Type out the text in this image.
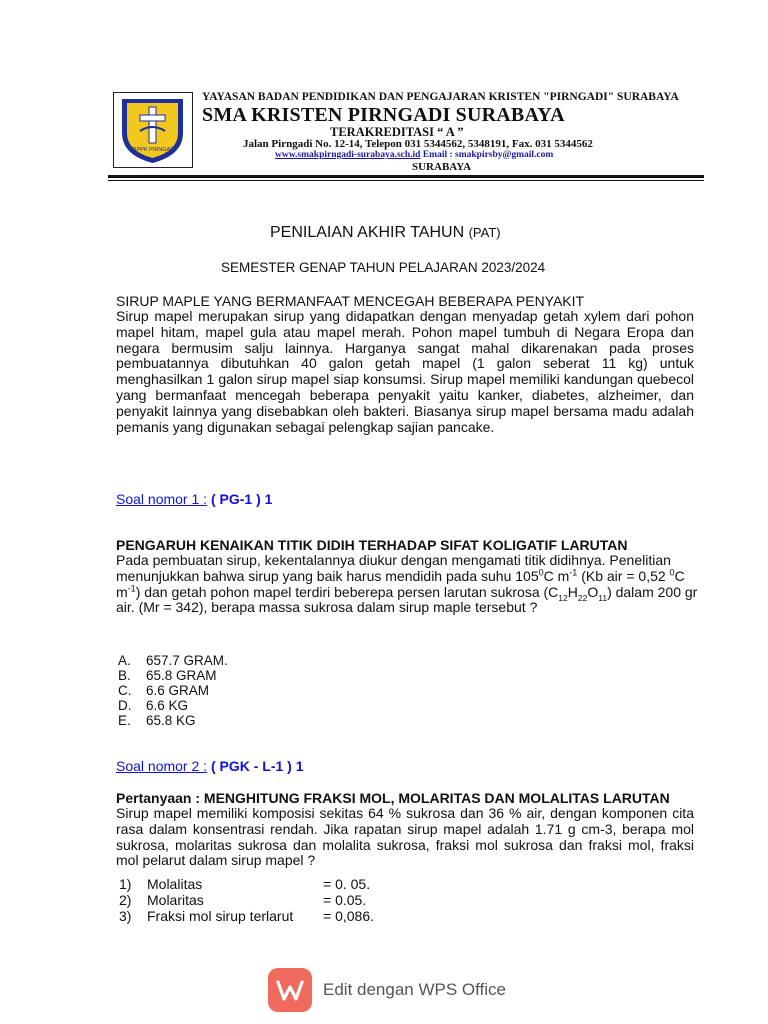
YBPPK PIRNGADI
YAYASAN BADAN PENDIDIKAN DAN PENGAJARAN KRISTEN "PIRNGADI" SURABAYA
SMA KRISTEN PIRNGADI SURABAYA
TERAKREDITASI “ A ”
Jalan Pirngadi No. 12-14, Telepon 031 5344562, 5348191, Fax. 031 5344562
www.smakpirngadi-surabaya.sch.id Email : smakpirsby@gmail.com
SURABAYA
PENILAIAN AKHIR TAHUN (PAT)
SEMESTER GENAP TAHUN PELAJARAN 2023/2024
SIRUP MAPLE YANG BERMANFAAT MENCEGAH BEBERAPA PENYAKIT
Sirup mapel merupakan sirup yang didapatkan dengan menyadap getah xylem dari pohon mapel hitam, mapel gula atau mapel merah. Pohon mapel tumbuh di Negara Eropa dan negara bermusim salju lainnya. Harganya sangat mahal dikarenakan pada proses pembuatannya dibutuhkan 40 galon getah mapel (1 galon seberat 11 kg) untuk menghasilkan 1 galon sirup mapel siap konsumsi. Sirup mapel memiliki kandungan quebecol yang bermanfaat mencegah beberapa penyakit yaitu kanker, diabetes, alzheimer, dan penyakit lainnya yang disebabkan oleh bakteri. Biasanya sirup mapel bersama madu adalah pemanis yang digunakan sebagai pelengkap sajian pancake.
Soal nomor 1 : ( PG-1 ) 1
PENGARUH KENAIKAN TITIK DIDIH TERHADAP SIFAT KOLIGATIF LARUTAN
Pada pembuatan sirup, kekentalannya diukur dengan mengamati titik didihnya. Penelitian menunjukkan bahwa sirup yang baik harus mendidih pada suhu $105^0C$ $m^{-1}$ (Kb air = 0,52 $^0$C $m^{-1}$) dan getah pohon mapel terdiri beberepa persen larutan sukrosa $(C_{12}H_{22}O_{11})$ dalam 200 gr air. (Mr = 342), berapa massa sukrosa dalam sirup maple tersebut ?
A. 657.7 GRAM.
B. 65.8 GRAM
C. 6.6 GRAM
D. 6.6 KG
E. 65.8 KG
Soal nomor 2 : ( PGK - L-1 ) 1
Pertanyaan : MENGHITUNG FRAKSI MOL, MOLARITAS DAN MOLALITAS LARUTAN
Sirup mapel memiliki komposisi sekitas 64 % sukrosa dan 36 % air, dengan komponen cita rasa dalam konsentrasi rendah. Jika rapatan sirup mapel adalah 1.71 g cm-3, berapa mol sukrosa, molaritas sukrosa dan molalita sukrosa, fraksi mol sukrosa dan fraksi mol, fraksi mol pelarut dalam sirup mapel ?
1) Molalitas	= 0. 05.
2) Molaritas	= 0.05.
3) Fraksi mol sirup terlarut = 0,086.
Edit dengan WPS Office
